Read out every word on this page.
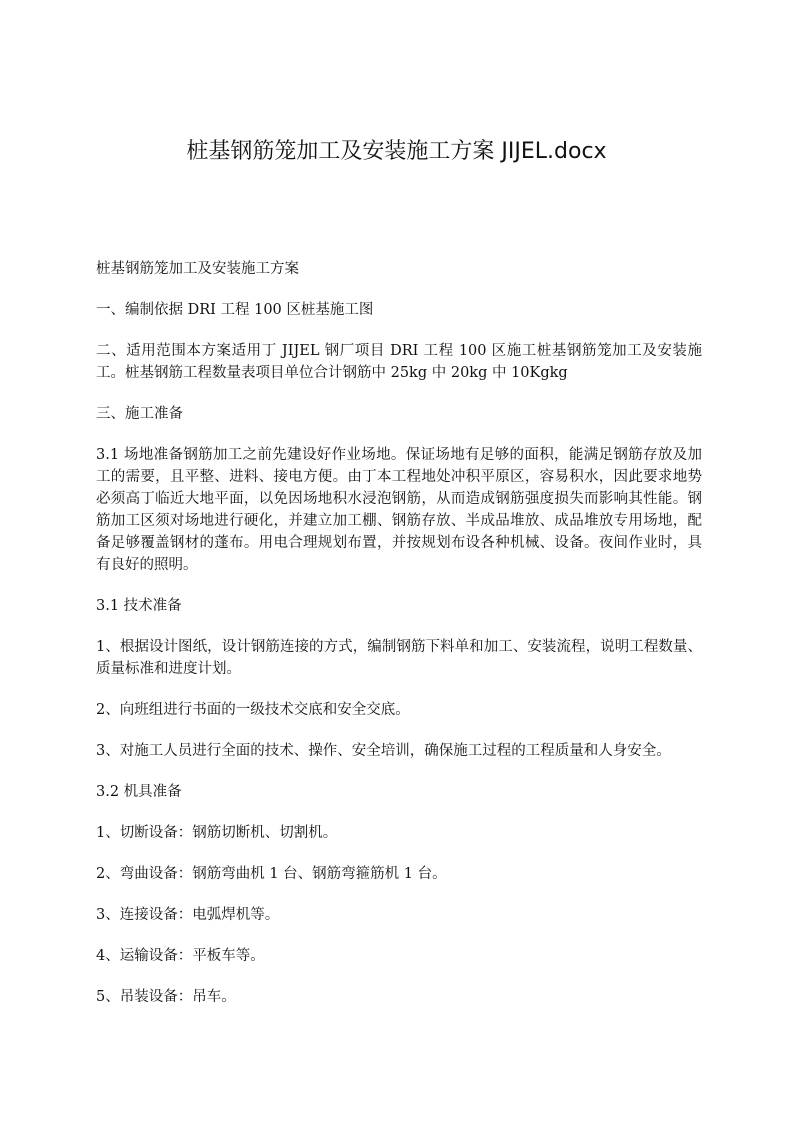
桩基钢筋笼加工及安装施工方案 JIJEL.docx

桩基钢筋笼加工及安装施工方案

一、编制依据 DRI 工程 100 区桩基施工图

二、适用范围本方案适用丁 JIJEL 钢厂项目 DRI 工程 100 区施工桩基钢筋笼加工及安装施工。桩基钢筋工程数量表项目单位合计钢筋中 25kg 中 20kg 中 10Kgkg

三、施工准备

3.1 场地准备钢筋加工之前先建设好作业场地。保证场地有足够的面积，能满足钢筋存放及加工的需要，且平整、进料、接电方便。由丁本工程地处冲积平原区，容易积水，因此要求地势必须高丁临近大地平面，以免因场地积水浸泡钢筋，从而造成钢筋强度损失而影响其性能。钢筋加工区须对场地进行硬化，并建立加工棚、钢筋存放、半成品堆放、成品堆放专用场地，配备足够覆盖钢材的蓬布。用电合理规划布置，并按规划布设各种机械、设备。夜间作业时，具有良好的照明。

3.1 技术准备

1、根据设计图纸，设计钢筋连接的方式，编制钢筋下料单和加工、安装流程，说明工程数量、质量标准和进度计划。

2、向班组进行书面的一级技术交底和安全交底。

3、对施工人员进行全面的技术、操作、安全培训，确保施工过程的工程质量和人身安全。

3.2 机具准备

1、切断设备：钢筋切断机、切割机。

2、弯曲设备：钢筋弯曲机 1 台、钢筋弯箍筋机 1 台。

3、连接设备：电弧焊机等。

4、运输设备：平板车等。

5、吊装设备：吊车。
